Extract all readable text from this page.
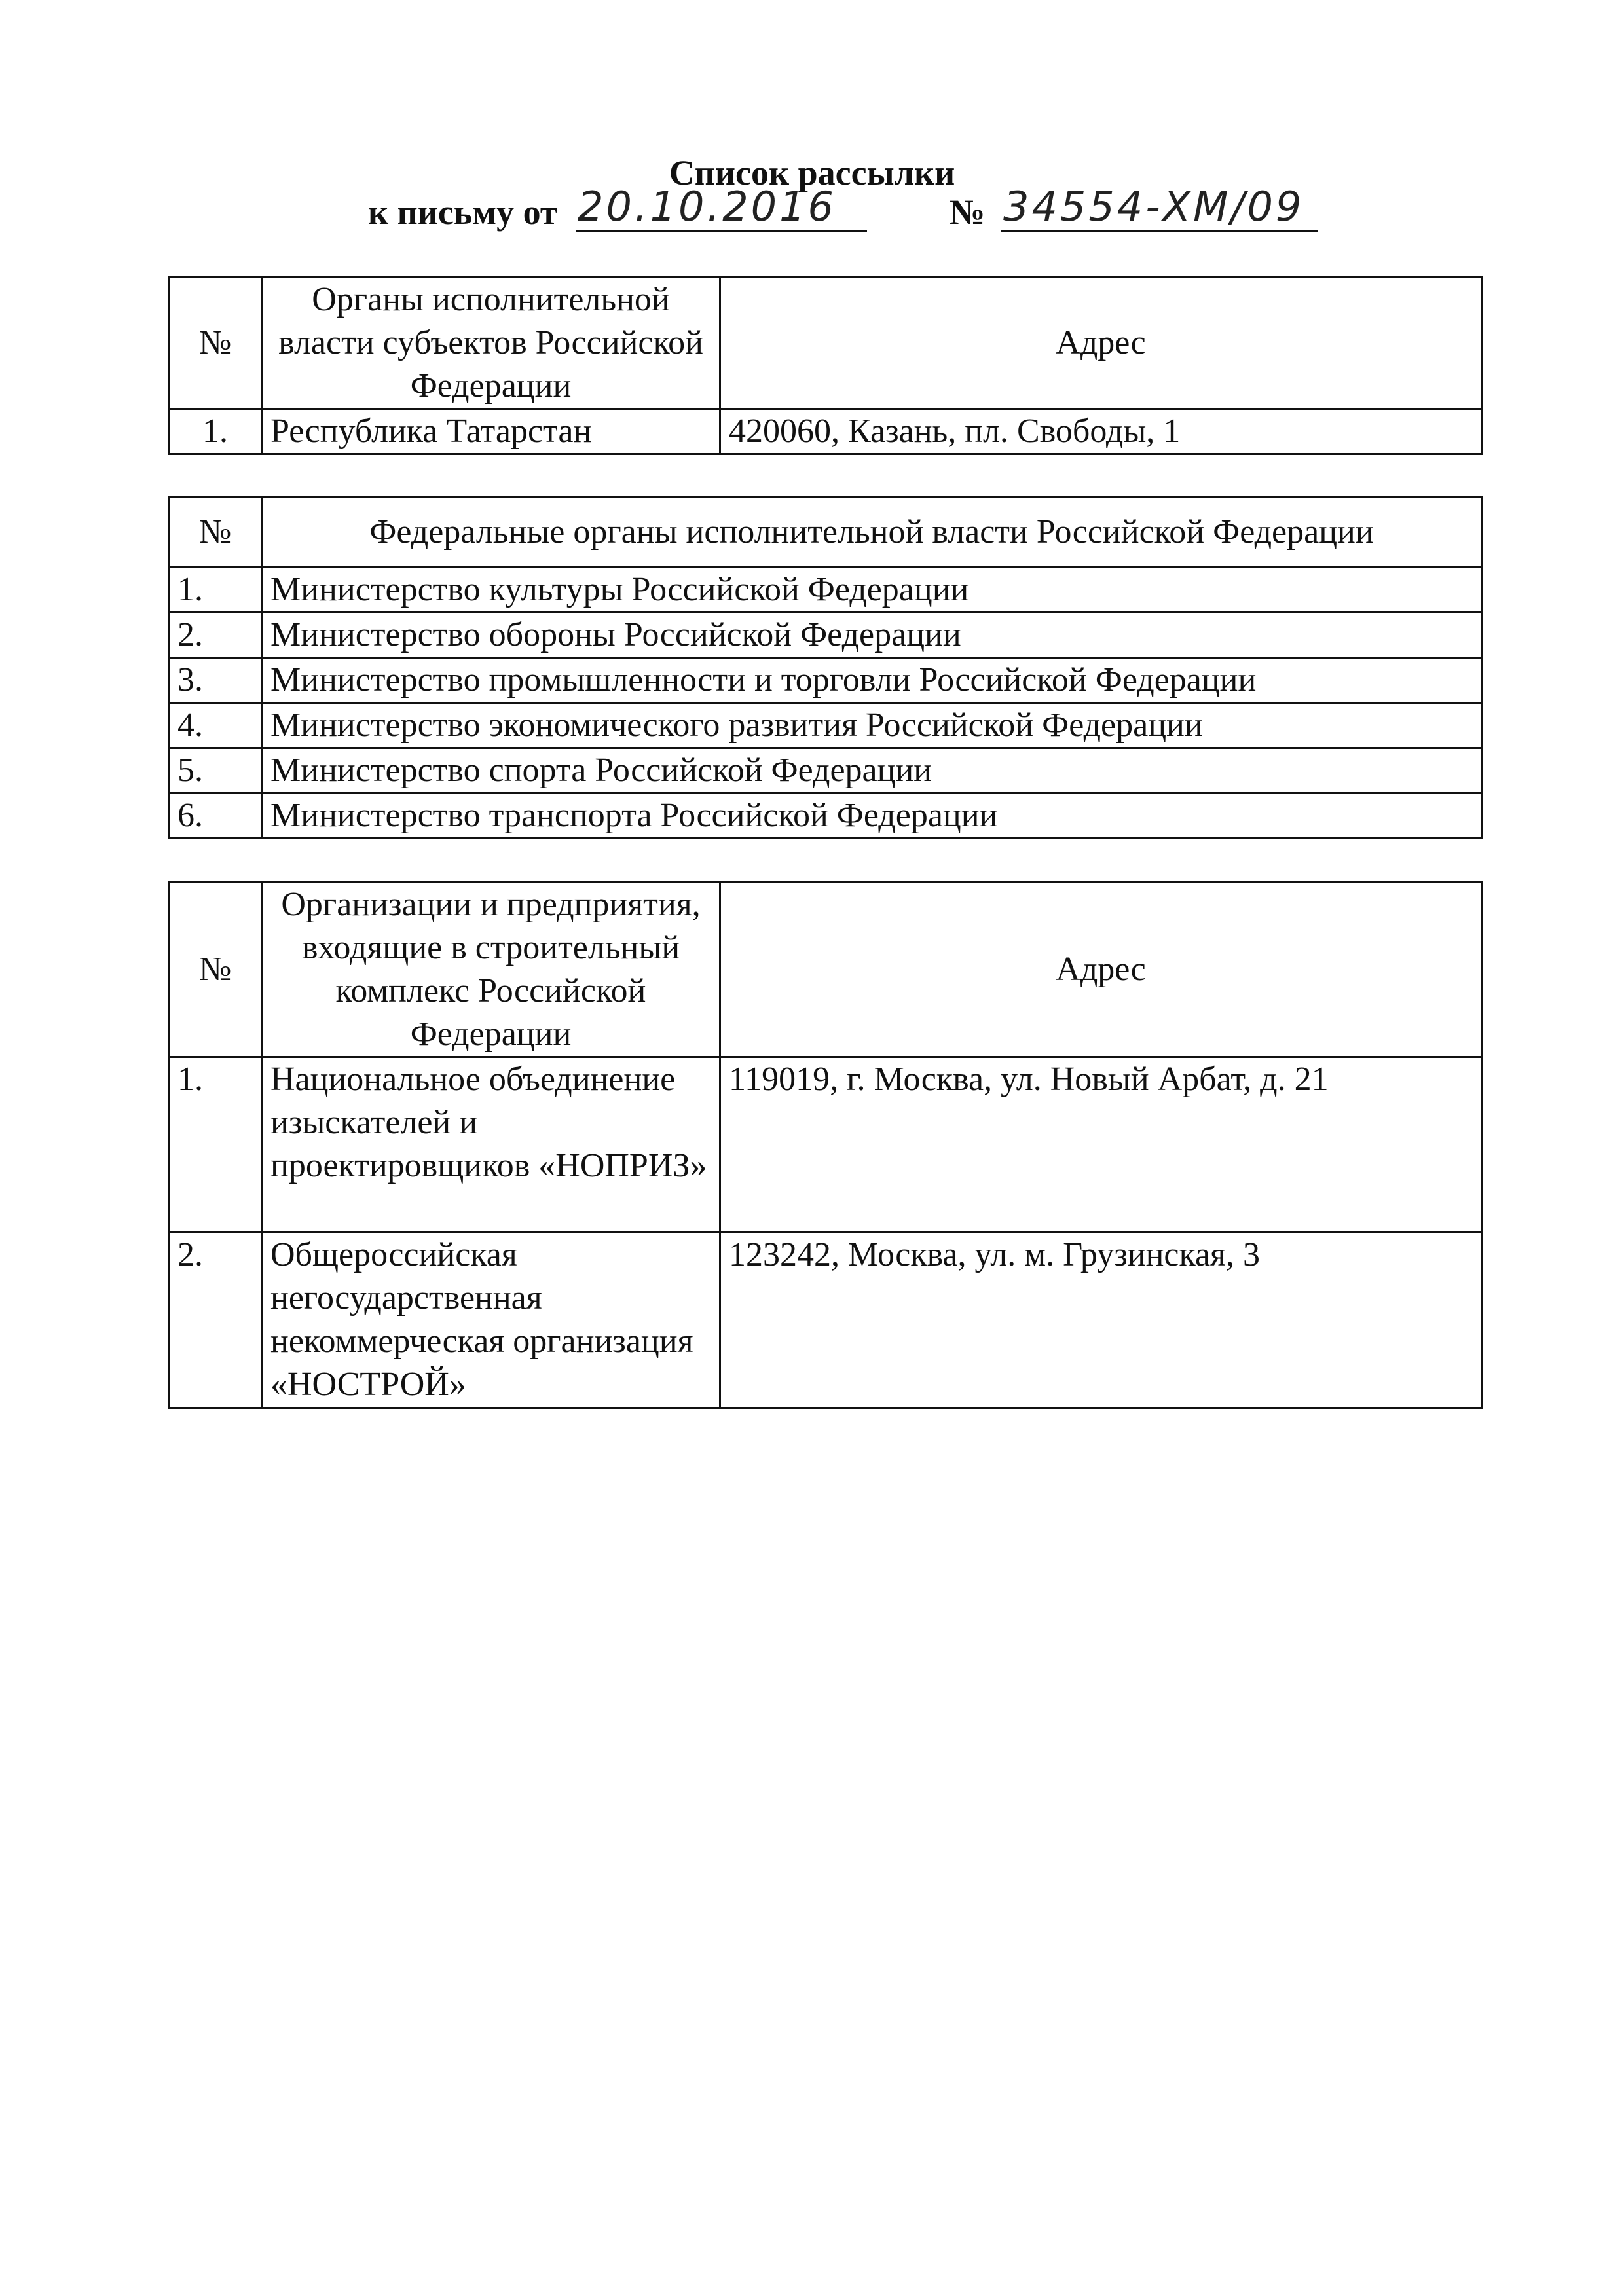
Список рассылки
к письму от 20.10.2016	№ 34554-ХМ/09
№	Органы исполнительной власти субъектов Российской Федерации	Адрес
1.	Республика Татарстан	420060, Казань, пл. Свободы, 1
№	Федеральные органы исполнительной власти Российской Федерации
1.	Министерство культуры Российской Федерации
2.	Министерство обороны Российской Федерации
3.	Министерство промышленности и торговли Российской Федерации
4.	Министерство экономического развития Российской Федерации
5.	Министерство спорта Российской Федерации
6.	Министерство транспорта Российской Федерации
№	Организации и предприятия, входящие в строительный комплекс Российской Федерации	Адрес
1.	Национальное объединение изыскателей и проектировщиков «НОПРИЗ»	119019, г. Москва, ул. Новый Арбат, д. 21
2.	Общероссийская негосударственная некоммерческая организация «НОСТРОЙ»	123242, Москва, ул. м. Грузинская, 3
